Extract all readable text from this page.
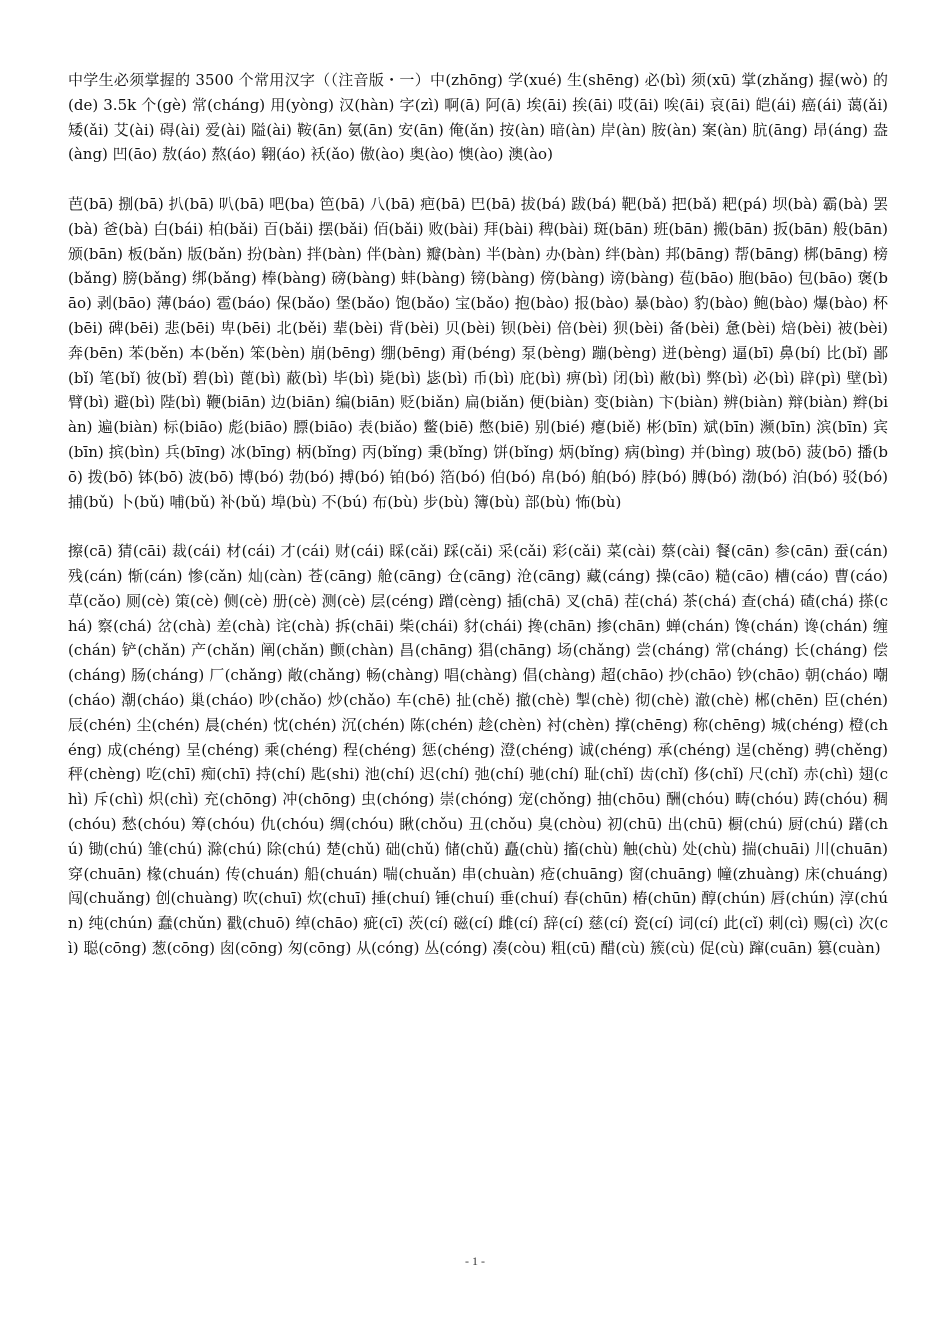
中学生必须掌握的 3500 个常用汉字（（注音版・一）中(zhōng) 学(xué) 生(shēng) 必(bì) 须(xū) 掌(zhǎng) 握(wò) 的(de) 3.5k 个(gè) 常(cháng) 用(yòng) 汉(hàn) 字(zì) 啊(ā) 阿(ā) 埃(āi) 挨(āi) 哎(āi) 唉(āi) 哀(āi) 皑(ái) 癌(ái) 蔼(ǎi) 矮(ǎi) 艾(ài) 碍(ài) 爱(ài) 隘(ài) 鞍(ān) 氨(ān) 安(ān) 俺(ǎn) 按(àn) 暗(àn) 岸(àn) 胺(àn) 案(àn) 肮(āng) 昂(áng) 盎(àng) 凹(āo) 敖(áo) 熬(áo) 翱(áo) 袄(ǎo) 傲(ào) 奥(ào) 懊(ào) 澳(ào)

芭(bā) 捌(bā) 扒(bā) 叭(bā) 吧(ba) 笆(bā) 八(bā) 疤(bā) 巴(bā) 拔(bá) 跋(bá) 靶(bǎ) 把(bǎ) 耙(pá) 坝(bà) 霸(bà) 罢(bà) 爸(bà) 白(bái) 柏(bǎi) 百(bǎi) 摆(bǎi) 佰(bǎi) 败(bài) 拜(bài) 稗(bài) 斑(bān) 班(bān) 搬(bān) 扳(bān) 般(bān) 颁(bān) 板(bǎn) 版(bǎn) 扮(bàn) 拌(bàn) 伴(bàn) 瓣(bàn) 半(bàn) 办(bàn) 绊(bàn) 邦(bāng) 帮(bāng) 梆(bāng) 榜(bǎng) 膀(bǎng) 绑(bǎng) 棒(bàng) 磅(bàng) 蚌(bàng) 镑(bàng) 傍(bàng) 谤(bàng) 苞(bāo) 胞(bāo) 包(bāo) 褒(bāo) 剥(bāo) 薄(báo) 雹(báo) 保(bǎo) 堡(bǎo) 饱(bǎo) 宝(bǎo) 抱(bào) 报(bào) 暴(bào) 豹(bào) 鲍(bào) 爆(bào) 杯(bēi) 碑(bēi) 悲(bēi) 卑(bēi) 北(běi) 辈(bèi) 背(bèi) 贝(bèi) 钡(bèi) 倍(bèi) 狈(bèi) 备(bèi) 惫(bèi) 焙(bèi) 被(bèi) 奔(bēn) 苯(běn) 本(běn) 笨(bèn) 崩(bēng) 绷(bēng) 甭(béng) 泵(bèng) 蹦(bèng) 迸(bèng) 逼(bī) 鼻(bí) 比(bǐ) 鄙(bǐ) 笔(bǐ) 彼(bǐ) 碧(bì) 蓖(bì) 蔽(bì) 毕(bì) 毙(bì) 毖(bì) 币(bì) 庇(bì) 痹(bì) 闭(bì) 敝(bì) 弊(bì) 必(bì) 辟(pì) 壁(bì) 臂(bì) 避(bì) 陛(bì) 鞭(biān) 边(biān) 编(biān) 贬(biǎn) 扁(biǎn) 便(biàn) 变(biàn) 卞(biàn) 辨(biàn) 辩(biàn) 辫(biàn) 遍(biàn) 标(biāo) 彪(biāo) 膘(biāo) 表(biǎo) 鳖(biē) 憋(biē) 别(bié) 瘪(biě) 彬(bīn) 斌(bīn) 濒(bīn) 滨(bīn) 宾(bīn) 摈(bìn) 兵(bīng) 冰(bīng) 柄(bǐng) 丙(bǐng) 秉(bǐng) 饼(bǐng) 炳(bǐng) 病(bìng) 并(bìng) 玻(bō) 菠(bō) 播(bō) 拨(bō) 钵(bō) 波(bō) 博(bó) 勃(bó) 搏(bó) 铂(bó) 箔(bó) 伯(bó) 帛(bó) 舶(bó) 脖(bó) 膊(bó) 渤(bó) 泊(bó) 驳(bó) 捕(bǔ) 卜(bǔ) 哺(bǔ) 补(bǔ) 埠(bù) 不(bú) 布(bù) 步(bù) 簿(bù) 部(bù) 怖(bù)

擦(cā) 猜(cāi) 裁(cái) 材(cái) 才(cái) 财(cái) 睬(cǎi) 踩(cǎi) 采(cǎi) 彩(cǎi) 菜(cài) 蔡(cài) 餐(cān) 参(cān) 蚕(cán) 残(cán) 惭(cán) 惨(cǎn) 灿(càn) 苍(cāng) 舱(cāng) 仓(cāng) 沧(cāng) 藏(cáng) 操(cāo) 糙(cāo) 槽(cáo) 曹(cáo) 草(cǎo) 厕(cè) 策(cè) 侧(cè) 册(cè) 测(cè) 层(céng) 蹭(cèng) 插(chā) 叉(chā) 茬(chá) 茶(chá) 查(chá) 碴(chá) 搽(chá) 察(chá) 岔(chà) 差(chà) 诧(chà) 拆(chāi) 柴(chái) 豺(chái) 搀(chān) 掺(chān) 蝉(chán) 馋(chán) 谗(chán) 缠(chán) 铲(chǎn) 产(chǎn) 阐(chǎn) 颤(chàn) 昌(chāng) 猖(chāng) 场(chǎng) 尝(cháng) 常(cháng) 长(cháng) 偿(cháng) 肠(cháng) 厂(chǎng) 敞(chǎng) 畅(chàng) 唱(chàng) 倡(chàng) 超(chāo) 抄(chāo) 钞(chāo) 朝(cháo) 嘲(cháo) 潮(cháo) 巢(cháo) 吵(chǎo) 炒(chǎo) 车(chē) 扯(chě) 撤(chè) 掣(chè) 彻(chè) 澈(chè) 郴(chēn) 臣(chén) 辰(chén) 尘(chén) 晨(chén) 忱(chén) 沉(chén) 陈(chén) 趁(chèn) 衬(chèn) 撑(chēng) 称(chēng) 城(chéng) 橙(chéng) 成(chéng) 呈(chéng) 乘(chéng) 程(chéng) 惩(chéng) 澄(chéng) 诚(chéng) 承(chéng) 逞(chěng) 骋(chěng) 秤(chèng) 吃(chī) 痴(chī) 持(chí) 匙(shi) 池(chí) 迟(chí) 弛(chí) 驰(chí) 耻(chǐ) 齿(chǐ) 侈(chǐ) 尺(chǐ) 赤(chì) 翅(chì) 斥(chì) 炽(chì) 充(chōng) 冲(chōng) 虫(chóng) 崇(chóng) 宠(chǒng) 抽(chōu) 酬(chóu) 畴(chóu) 踌(chóu) 稠(chóu) 愁(chóu) 筹(chóu) 仇(chóu) 绸(chóu) 瞅(chǒu) 丑(chǒu) 臭(chòu) 初(chū) 出(chū) 橱(chú) 厨(chú) 躇(chú) 锄(chú) 雏(chú) 滁(chú) 除(chú) 楚(chǔ) 础(chǔ) 储(chǔ) 矗(chù) 搐(chù) 触(chù) 处(chù) 揣(chuāi) 川(chuān) 穿(chuān) 椽(chuán) 传(chuán) 船(chuán) 喘(chuǎn) 串(chuàn) 疮(chuāng) 窗(chuāng) 幢(zhuàng) 床(chuáng) 闯(chuǎng) 创(chuàng) 吹(chuī) 炊(chuī) 捶(chuí) 锤(chuí) 垂(chuí) 春(chūn) 椿(chūn) 醇(chún) 唇(chún) 淳(chún) 纯(chún) 蠢(chǔn) 戳(chuō) 绰(chāo) 疵(cī) 茨(cí) 磁(cí) 雌(cí) 辞(cí) 慈(cí) 瓷(cí) 词(cí) 此(cǐ) 刺(cì) 赐(cì) 次(cì) 聪(cōng) 葱(cōng) 囱(cōng) 匆(cōng) 从(cóng) 丛(cóng) 凑(còu) 粗(cū) 醋(cù) 簇(cù) 促(cù) 蹿(cuān) 篡(cuàn)

- 1 -
